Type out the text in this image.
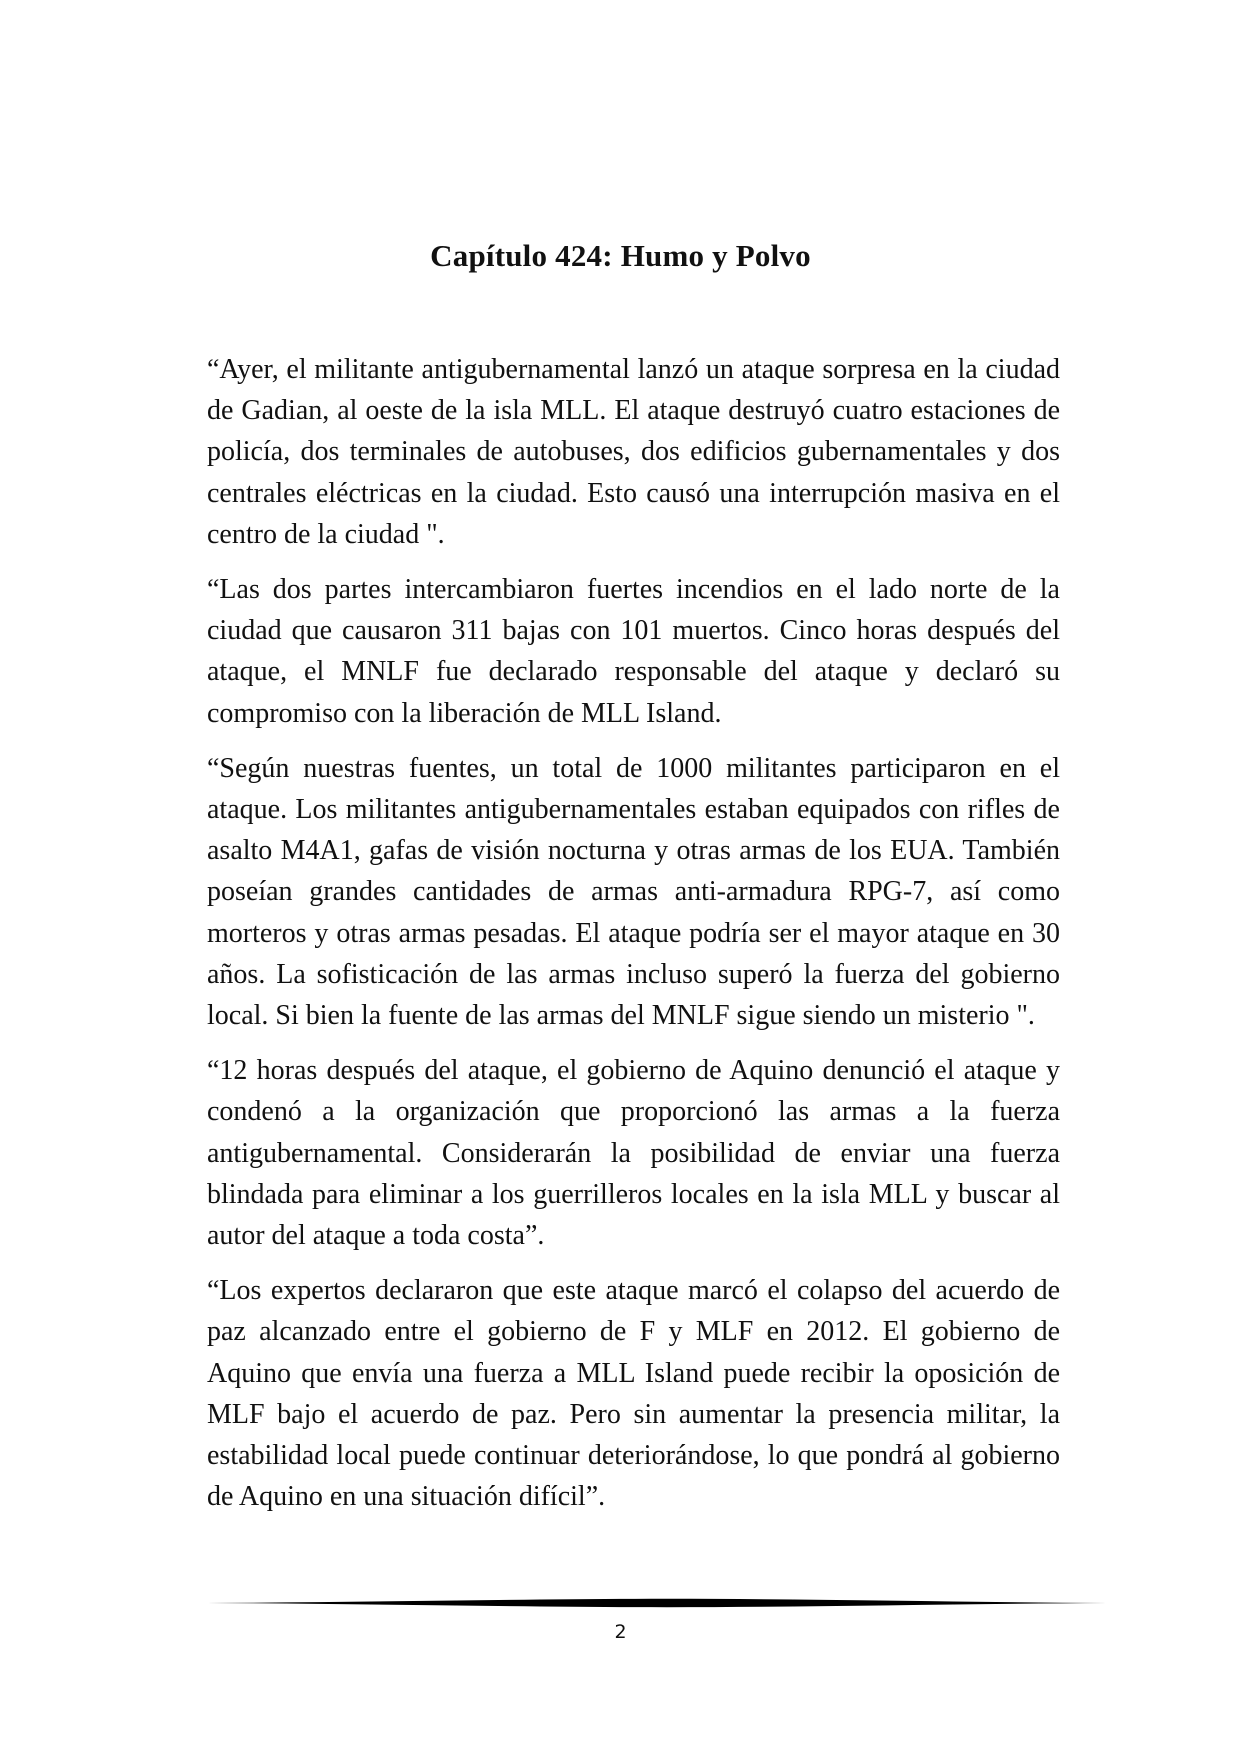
Capítulo 424: Humo y Polvo

“Ayer, el militante antigubernamental lanzó un ataque sorpresa en la ciudad de Gadian, al oeste de la isla MLL. El ataque destruyó cuatro estaciones de policía, dos terminales de autobuses, dos edificios gubernamentales y dos centrales eléctricas en la ciudad. Esto causó una interrupción masiva en el centro de la ciudad ".

“Las dos partes intercambiaron fuertes incendios en el lado norte de la ciudad que causaron 311 bajas con 101 muertos. Cinco horas después del ataque, el MNLF fue declarado responsable del ataque y declaró su compromiso con la liberación de MLL Island.

“Según nuestras fuentes, un total de 1000 militantes participaron en el ataque. Los militantes antigubernamentales estaban equipados con rifles de asalto M4A1, gafas de visión nocturna y otras armas de los EUA. También poseían grandes cantidades de armas anti-armadura RPG-7, así como morteros y otras armas pesadas. El ataque podría ser el mayor ataque en 30 años. La sofisticación de las armas incluso superó la fuerza del gobierno local. Si bien la fuente de las armas del MNLF sigue siendo un misterio ".

“12 horas después del ataque, el gobierno de Aquino denunció el ataque y condenó a la organización que proporcionó las armas a la fuerza antigubernamental. Considerarán la posibilidad de enviar una fuerza blindada para eliminar a los guerrilleros locales en la isla MLL y buscar al autor del ataque a toda costa”.

“Los expertos declararon que este ataque marcó el colapso del acuerdo de paz alcanzado entre el gobierno de F y MLF en 2012. El gobierno de Aquino que envía una fuerza a MLL Island puede recibir la oposición de MLF bajo el acuerdo de paz. Pero sin aumentar la presencia militar, la estabilidad local puede continuar deteriorándose, lo que pondrá al gobierno de Aquino en una situación difícil”.

2
